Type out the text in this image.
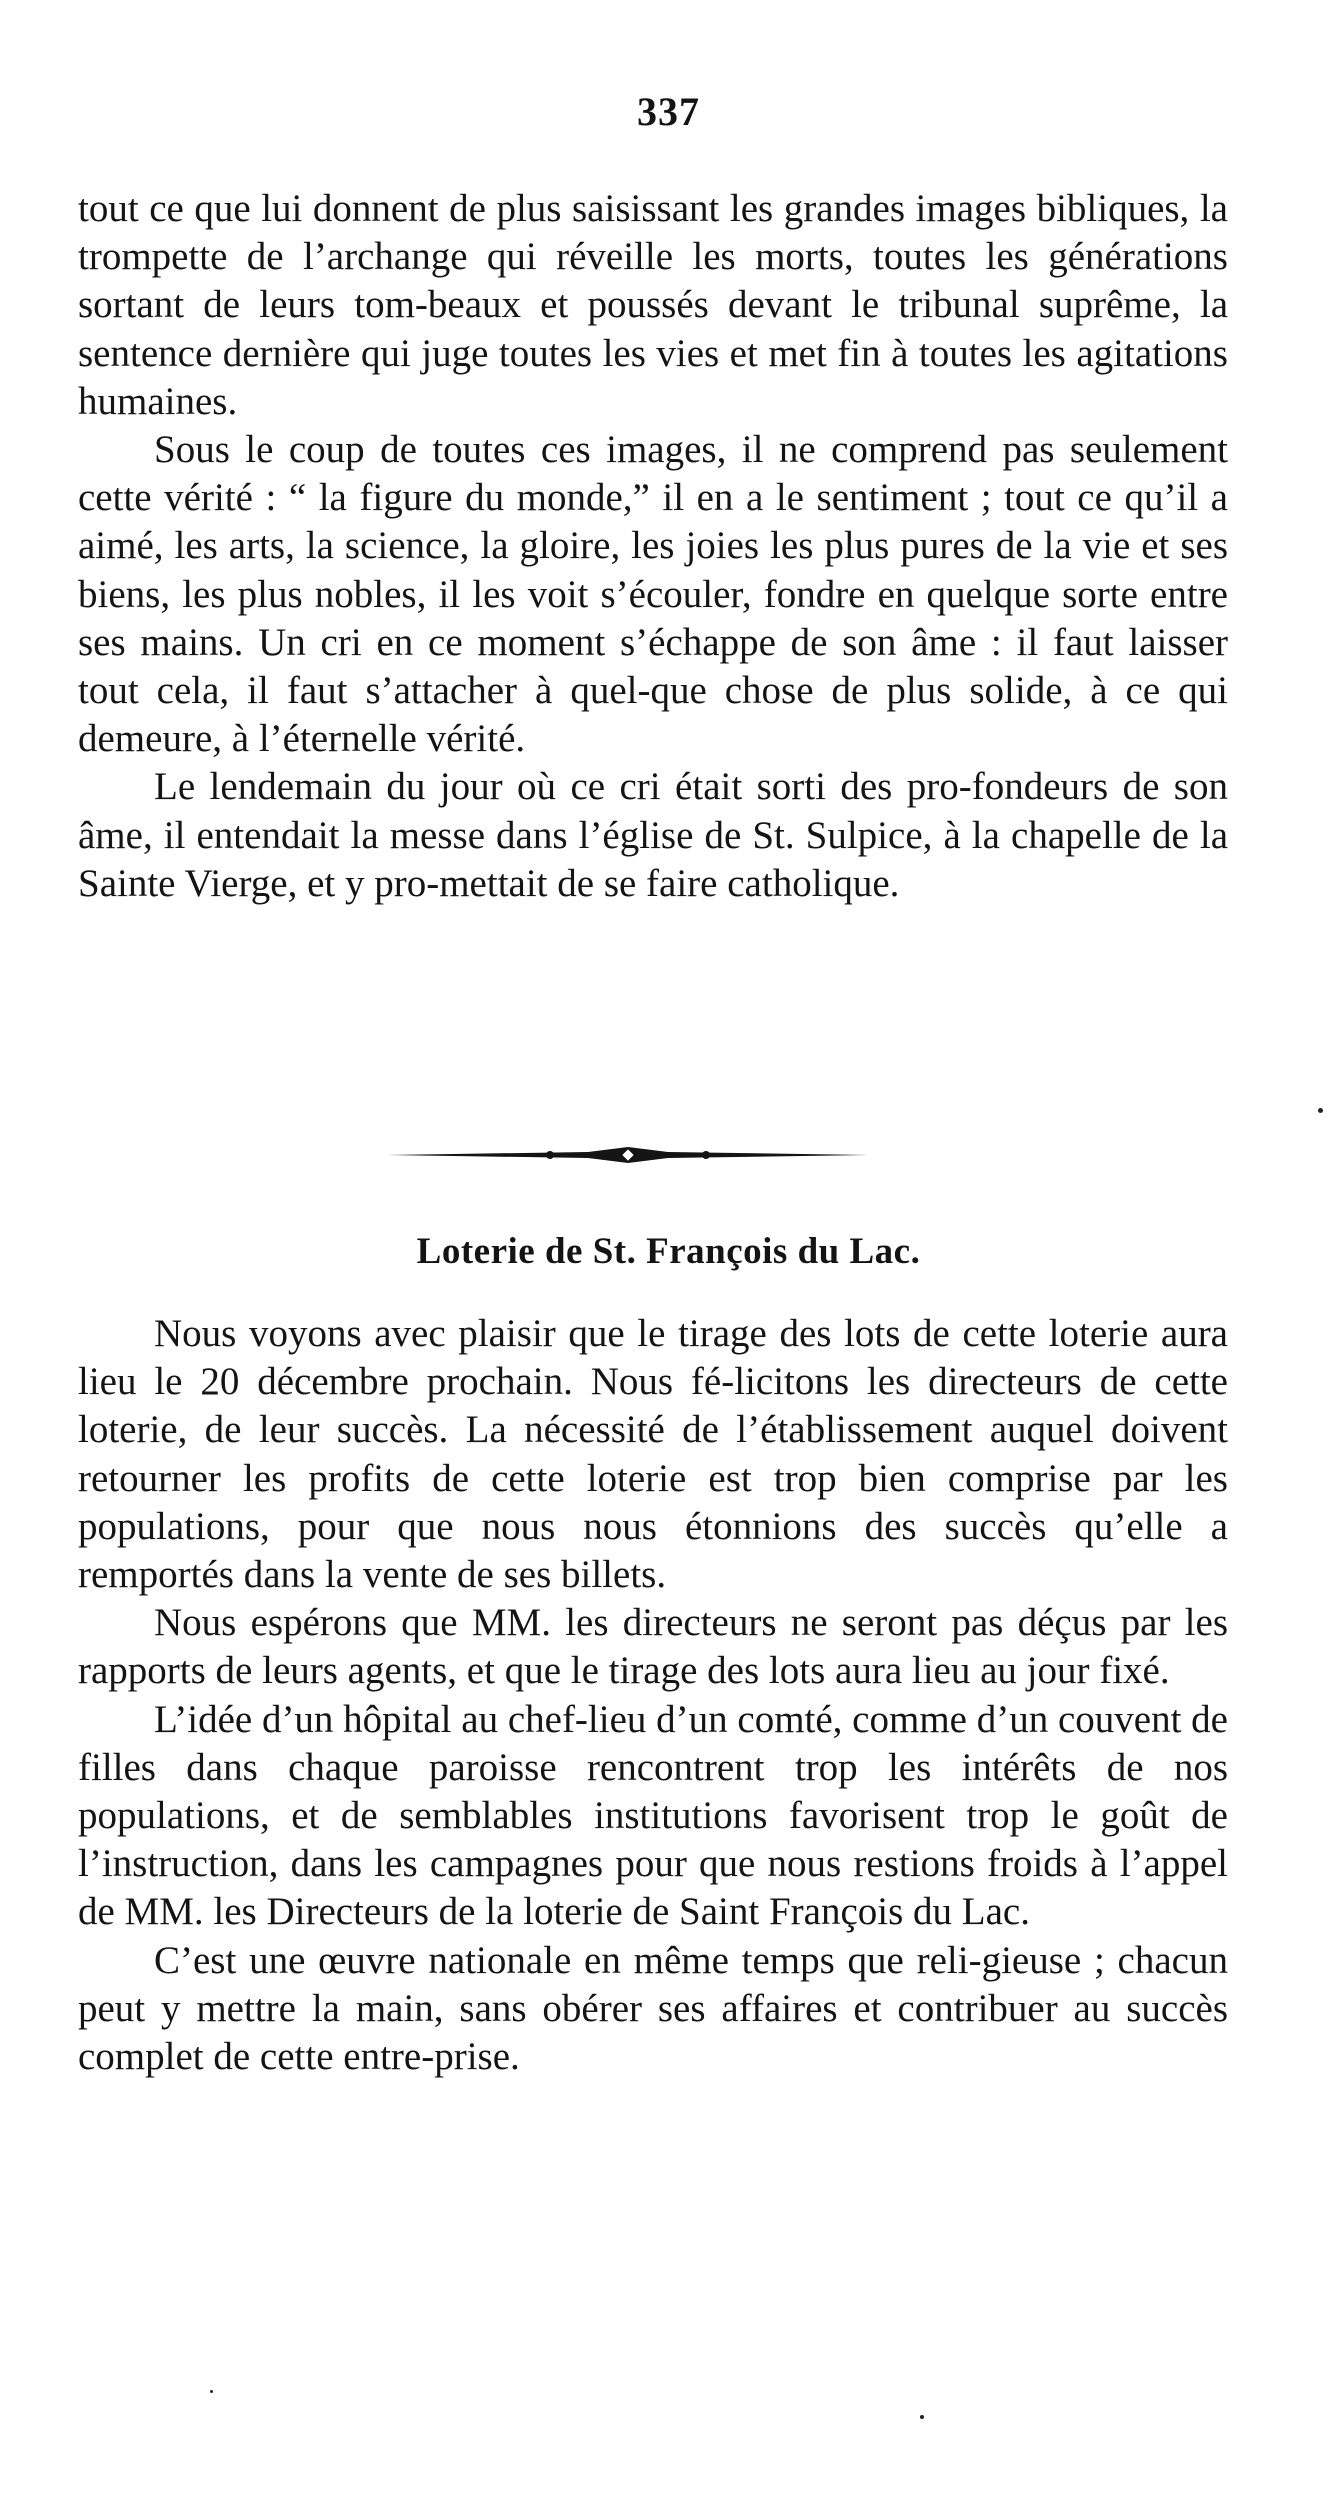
337

tout ce que lui donnent de plus saisissant les grandes images bibliques, la trompette de l’archange qui réveille les morts, toutes les générations sortant de leurs tom-beaux et poussés devant le tribunal suprême, la sentence dernière qui juge toutes les vies et met fin à toutes les agitations humaines.

Sous le coup de toutes ces images, il ne comprend pas seulement cette vérité : “ la figure du monde,” il en a le sentiment ; tout ce qu’il a aimé, les arts, la science, la gloire, les joies les plus pures de la vie et ses biens, les plus nobles, il les voit s’écouler, fondre en quelque sorte entre ses mains. Un cri en ce moment s’échappe de son âme : il faut laisser tout cela, il faut s’attacher à quel-que chose de plus solide, à ce qui demeure, à l’éternelle vérité.

Le lendemain du jour où ce cri était sorti des pro-fondeurs de son âme, il entendait la messe dans l’église de St. Sulpice, à la chapelle de la Sainte Vierge, et y pro-mettait de se faire catholique.

Loterie de St. François du Lac.

Nous voyons avec plaisir que le tirage des lots de cette loterie aura lieu le 20 décembre prochain. Nous fé-licitons les directeurs de cette loterie, de leur succès. La nécessité de l’établissement auquel doivent retourner les profits de cette loterie est trop bien comprise par les populations, pour que nous nous étonnions des succès qu’elle a remportés dans la vente de ses billets.

Nous espérons que MM. les directeurs ne seront pas déçus par les rapports de leurs agents, et que le tirage des lots aura lieu au jour fixé.

L’idée d’un hôpital au chef-lieu d’un comté, comme d’un couvent de filles dans chaque paroisse rencontrent trop les intérêts de nos populations, et de semblables institutions favorisent trop le goût de l’instruction, dans les campagnes pour que nous restions froids à l’appel de MM. les Directeurs de la loterie de Saint François du Lac.

C’est une œuvre nationale en même temps que reli-gieuse ; chacun peut y mettre la main, sans obérer ses affaires et contribuer au succès complet de cette entre-prise.
